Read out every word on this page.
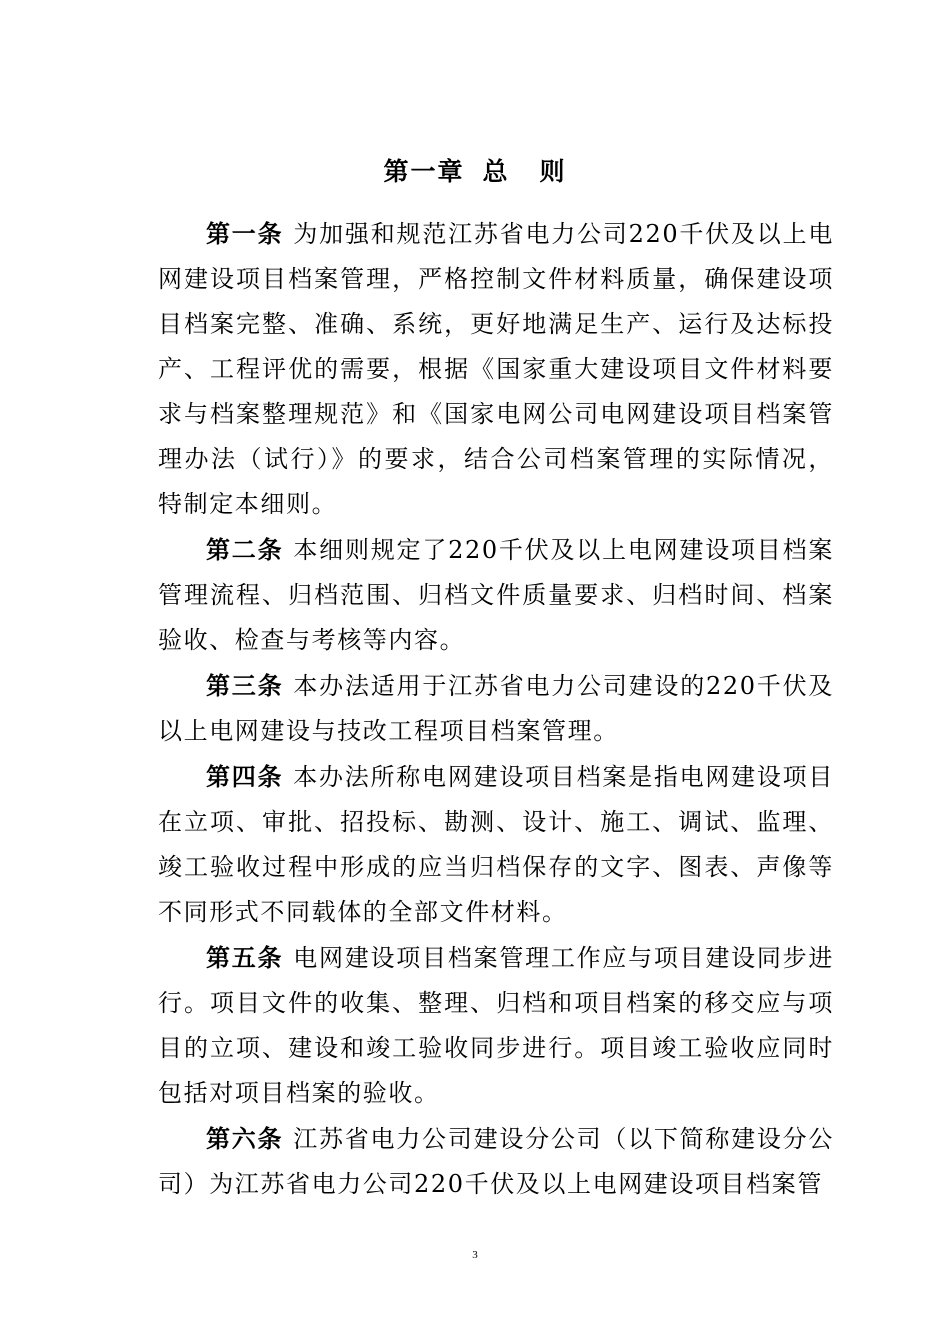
第一章 总 则

第一条 为加强和规范江苏省电力公司220千伏及以上电网建设项目档案管理，严格控制文件材料质量，确保建设项目档案完整、准确、系统，更好地满足生产、运行及达标投产、工程评优的需要，根据《国家重大建设项目文件材料要求与档案整理规范》和《国家电网公司电网建设项目档案管理办法（试行）》的要求，结合公司档案管理的实际情况，特制定本细则。

第二条 本细则规定了220千伏及以上电网建设项目档案管理流程、归档范围、归档文件质量要求、归档时间、档案验收、检查与考核等内容。

第三条 本办法适用于江苏省电力公司建设的220千伏及以上电网建设与技改工程项目档案管理。

第四条 本办法所称电网建设项目档案是指电网建设项目在立项、审批、招投标、勘测、设计、施工、调试、监理、竣工验收过程中形成的应当归档保存的文字、图表、声像等不同形式不同载体的全部文件材料。

第五条 电网建设项目档案管理工作应与项目建设同步进行。项目文件的收集、整理、归档和项目档案的移交应与项目的立项、建设和竣工验收同步进行。项目竣工验收应同时包括对项目档案的验收。

第六条 江苏省电力公司建设分公司（以下简称建设分公司）为江苏省电力公司220千伏及以上电网建设项目档案管

3
